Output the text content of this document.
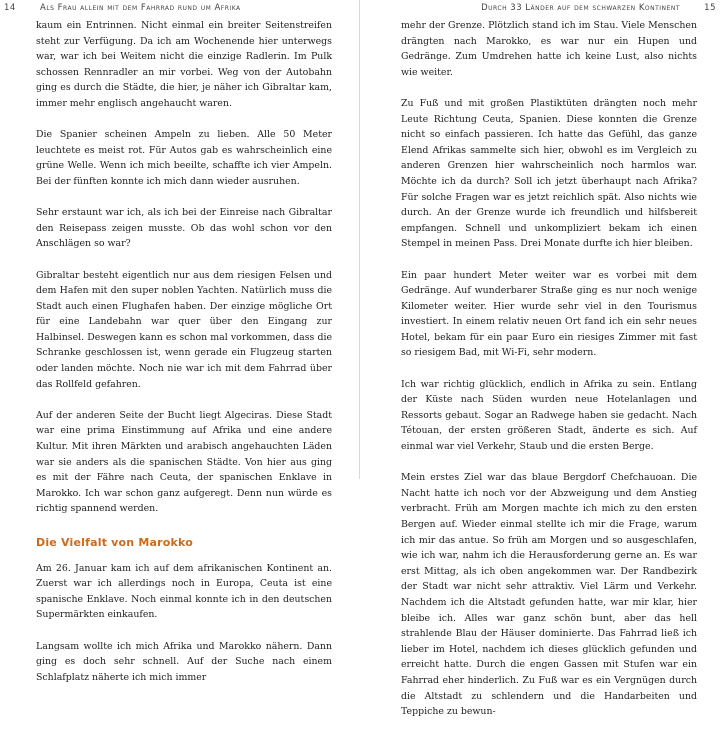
14	Als Frau allein mit dem Fahrrad rund um Afrika

kaum ein Entrinnen. Nicht einmal ein breiter Seitenstreifen steht zur Verfügung. Da ich am Wochenende hier unterwegs war, war ich bei Weitem nicht die einzige Radlerin. Im Pulk schossen Rennradler an mir vorbei. Weg von der Autobahn ging es durch die Städte, die hier, je näher ich Gibraltar kam, immer mehr englisch angehaucht waren.

Die Spanier scheinen Ampeln zu lieben. Alle 50 Meter leuchtete es meist rot. Für Autos gab es wahrscheinlich eine grüne Welle. Wenn ich mich beeilte, schaffte ich vier Ampeln. Bei der fünften konnte ich mich dann wieder ausruhen.

Sehr erstaunt war ich, als ich bei der Einreise nach Gibraltar den Reisepass zeigen musste. Ob das wohl schon vor den Anschlägen so war?

Gibraltar besteht eigentlich nur aus dem riesigen Felsen und dem Hafen mit den super noblen Yachten. Natürlich muss die Stadt auch einen Flughafen haben. Der einzige mögliche Ort für eine Landebahn war quer über den Eingang zur Halbinsel. Deswegen kann es schon mal vorkommen, dass die Schranke geschlossen ist, wenn gerade ein Flugzeug starten oder landen möchte. Noch nie war ich mit dem Fahrrad über das Rollfeld gefahren.

Auf der anderen Seite der Bucht liegt Algeciras. Diese Stadt war eine prima Einstimmung auf Afrika und eine andere Kultur. Mit ihren Märkten und arabisch angehauchten Läden war sie anders als die spanischen Städte. Von hier aus ging es mit der Fähre nach Ceuta, der spanischen Enklave in Marokko. Ich war schon ganz aufgeregt. Denn nun würde es richtig spannend werden.

Die Vielfalt von Marokko

Am 26. Januar kam ich auf dem afrikanischen Kontinent an. Zuerst war ich allerdings noch in Europa, Ceuta ist eine spanische Enklave. Noch einmal konnte ich in den deutschen Supermärkten einkaufen.

Langsam wollte ich mich Afrika und Marokko nähern. Dann ging es doch sehr schnell. Auf der Suche nach einem Schlafplatz näherte ich mich immer

Durch 33 Länder auf dem schwarzen Kontinent	15

mehr der Grenze. Plötzlich stand ich im Stau. Viele Menschen drängten nach Marokko, es war nur ein Hupen und Gedränge. Zum Umdrehen hatte ich keine Lust, also nichts wie weiter.

Zu Fuß und mit großen Plastiktüten drängten noch mehr Leute Richtung Ceuta, Spanien. Diese konnten die Grenze nicht so einfach passieren. Ich hatte das Gefühl, das ganze Elend Afrikas sammelte sich hier, obwohl es im Vergleich zu anderen Grenzen hier wahrscheinlich noch harmlos war. Möchte ich da durch? Soll ich jetzt überhaupt nach Afrika? Für solche Fragen war es jetzt reichlich spät. Also nichts wie durch. An der Grenze wurde ich freundlich und hilfsbereit empfangen. Schnell und unkompliziert bekam ich einen Stempel in meinen Pass. Drei Monate durfte ich hier bleiben.

Ein paar hundert Meter weiter war es vorbei mit dem Gedränge. Auf wunderbarer Straße ging es nur noch wenige Kilometer weiter. Hier wurde sehr viel in den Tourismus investiert. In einem relativ neuen Ort fand ich ein sehr neues Hotel, bekam für ein paar Euro ein riesiges Zimmer mit fast so riesigem Bad, mit Wi-Fi, sehr modern.

Ich war richtig glücklich, endlich in Afrika zu sein. Entlang der Küste nach Süden wurden neue Hotelanlagen und Ressorts gebaut. Sogar an Radwege haben sie gedacht. Nach Tétouan, der ersten größeren Stadt, änderte es sich. Auf einmal war viel Verkehr, Staub und die ersten Berge.

Mein erstes Ziel war das blaue Bergdorf Chefchauoan. Die Nacht hatte ich noch vor der Abzweigung und dem Anstieg verbracht. Früh am Morgen machte ich mich zu den ersten Bergen auf. Wieder einmal stellte ich mir die Frage, warum ich mir das antue. So früh am Morgen und so ausgeschlafen, wie ich war, nahm ich die Herausforderung gerne an. Es war erst Mittag, als ich oben angekommen war. Der Randbezirk der Stadt war nicht sehr attraktiv. Viel Lärm und Verkehr. Nachdem ich die Altstadt gefunden hatte, war mir klar, hier bleibe ich. Alles war ganz schön bunt, aber das hell strahlende Blau der Häuser dominierte. Das Fahrrad ließ ich lieber im Hotel, nachdem ich dieses glücklich gefunden und erreicht hatte. Durch die engen Gassen mit Stufen war ein Fahrrad eher hinderlich. Zu Fuß war es ein Vergnügen durch die Altstadt zu schlendern und die Handarbeiten und Teppiche zu bewun-
